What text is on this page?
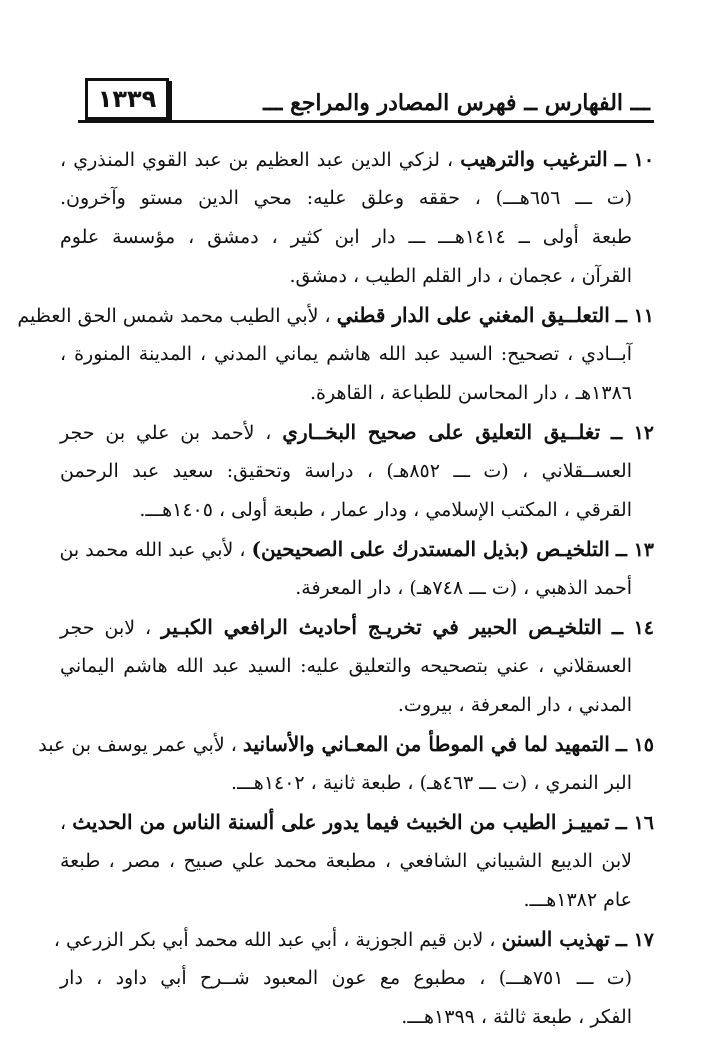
١٣٣٩	ـــ الفهارس ــ فهرس المصادر والمراجع ـــ
١٠ ــ الترغيب والترهيب ، لزكي الدين عبد العظيم بن عبد القوي المنذري ،
(ت ـــ ٦٥٦هـــ) ، حققه وعلق عليه: محي الدين مستو وآخرون.
طبعة أولى ــ ١٤١٤هـــ ـــ دار ابن كثير ، دمشق ، مؤسسة علوم
القرآن ، عجمان ، دار القلم الطيب ، دمشق.
١١ ــ التعلــيق المغني على الدار قطني ، لأبي الطيب محمد شمس الحق العظيم
آبــادي ، تصحيح: السيد عبد الله هاشم يماني المدني ، المدينة المنورة ،
١٣٨٦هـ ، دار المحاسن للطباعة ، القاهرة.
١٢ ــ تغلــيق التعليق على صحيح البخــاري ، لأحمد بن علي بن حجر
العســقلاني ، (ت ـــ ٨٥٢هـ) ، دراسة وتحقيق: سعيد عبد الرحمن
القرقي ، المكتب الإسلامي ، ودار عمار ، طبعة أولى ، ١٤٠٥هـــ.
١٣ ــ التلخيـص (بذيل المستدرك على الصحيحين) ، لأبي عبد الله محمد بن
أحمد الذهبي ، (ت ـــ ٧٤٨هـ) ، دار المعرفة.
١٤ ــ التلخيـص الحبير في تخريـج أحاديث الرافعي الكبـير ، لابن حجر
العسقلاني ، عني بتصحيحه والتعليق عليه: السيد عبد الله هاشم اليماني
المدني ، دار المعرفة ، بيروت.
١٥ ــ التمهيد لما في الموطأ من المعـاني والأسانيد ، لأبي عمر يوسف بن عبد
البر النمري ، (ت ـــ ٤٦٣هـ) ، طبعة ثانية ، ١٤٠٢هـــ.
١٦ ــ تمييـز الطيب من الخبيث فيما يدور على ألسنة الناس من الحديث ،
لابن الديبع الشيباني الشافعي ، مطبعة محمد علي صبيح ، مصر ، طبعة
عام ١٣٨٢هـــ.
١٧ ــ تهذيب السنن ، لابن قيم الجوزية ، أبي عبد الله محمد أبي بكر الزرعي ،
(ت ـــ ٧٥١هـــ) ، مطبوع مع عون المعبود شــرح أبي داود ، دار
الفكر ، طبعة ثالثة ، ١٣٩٩هـــ.
